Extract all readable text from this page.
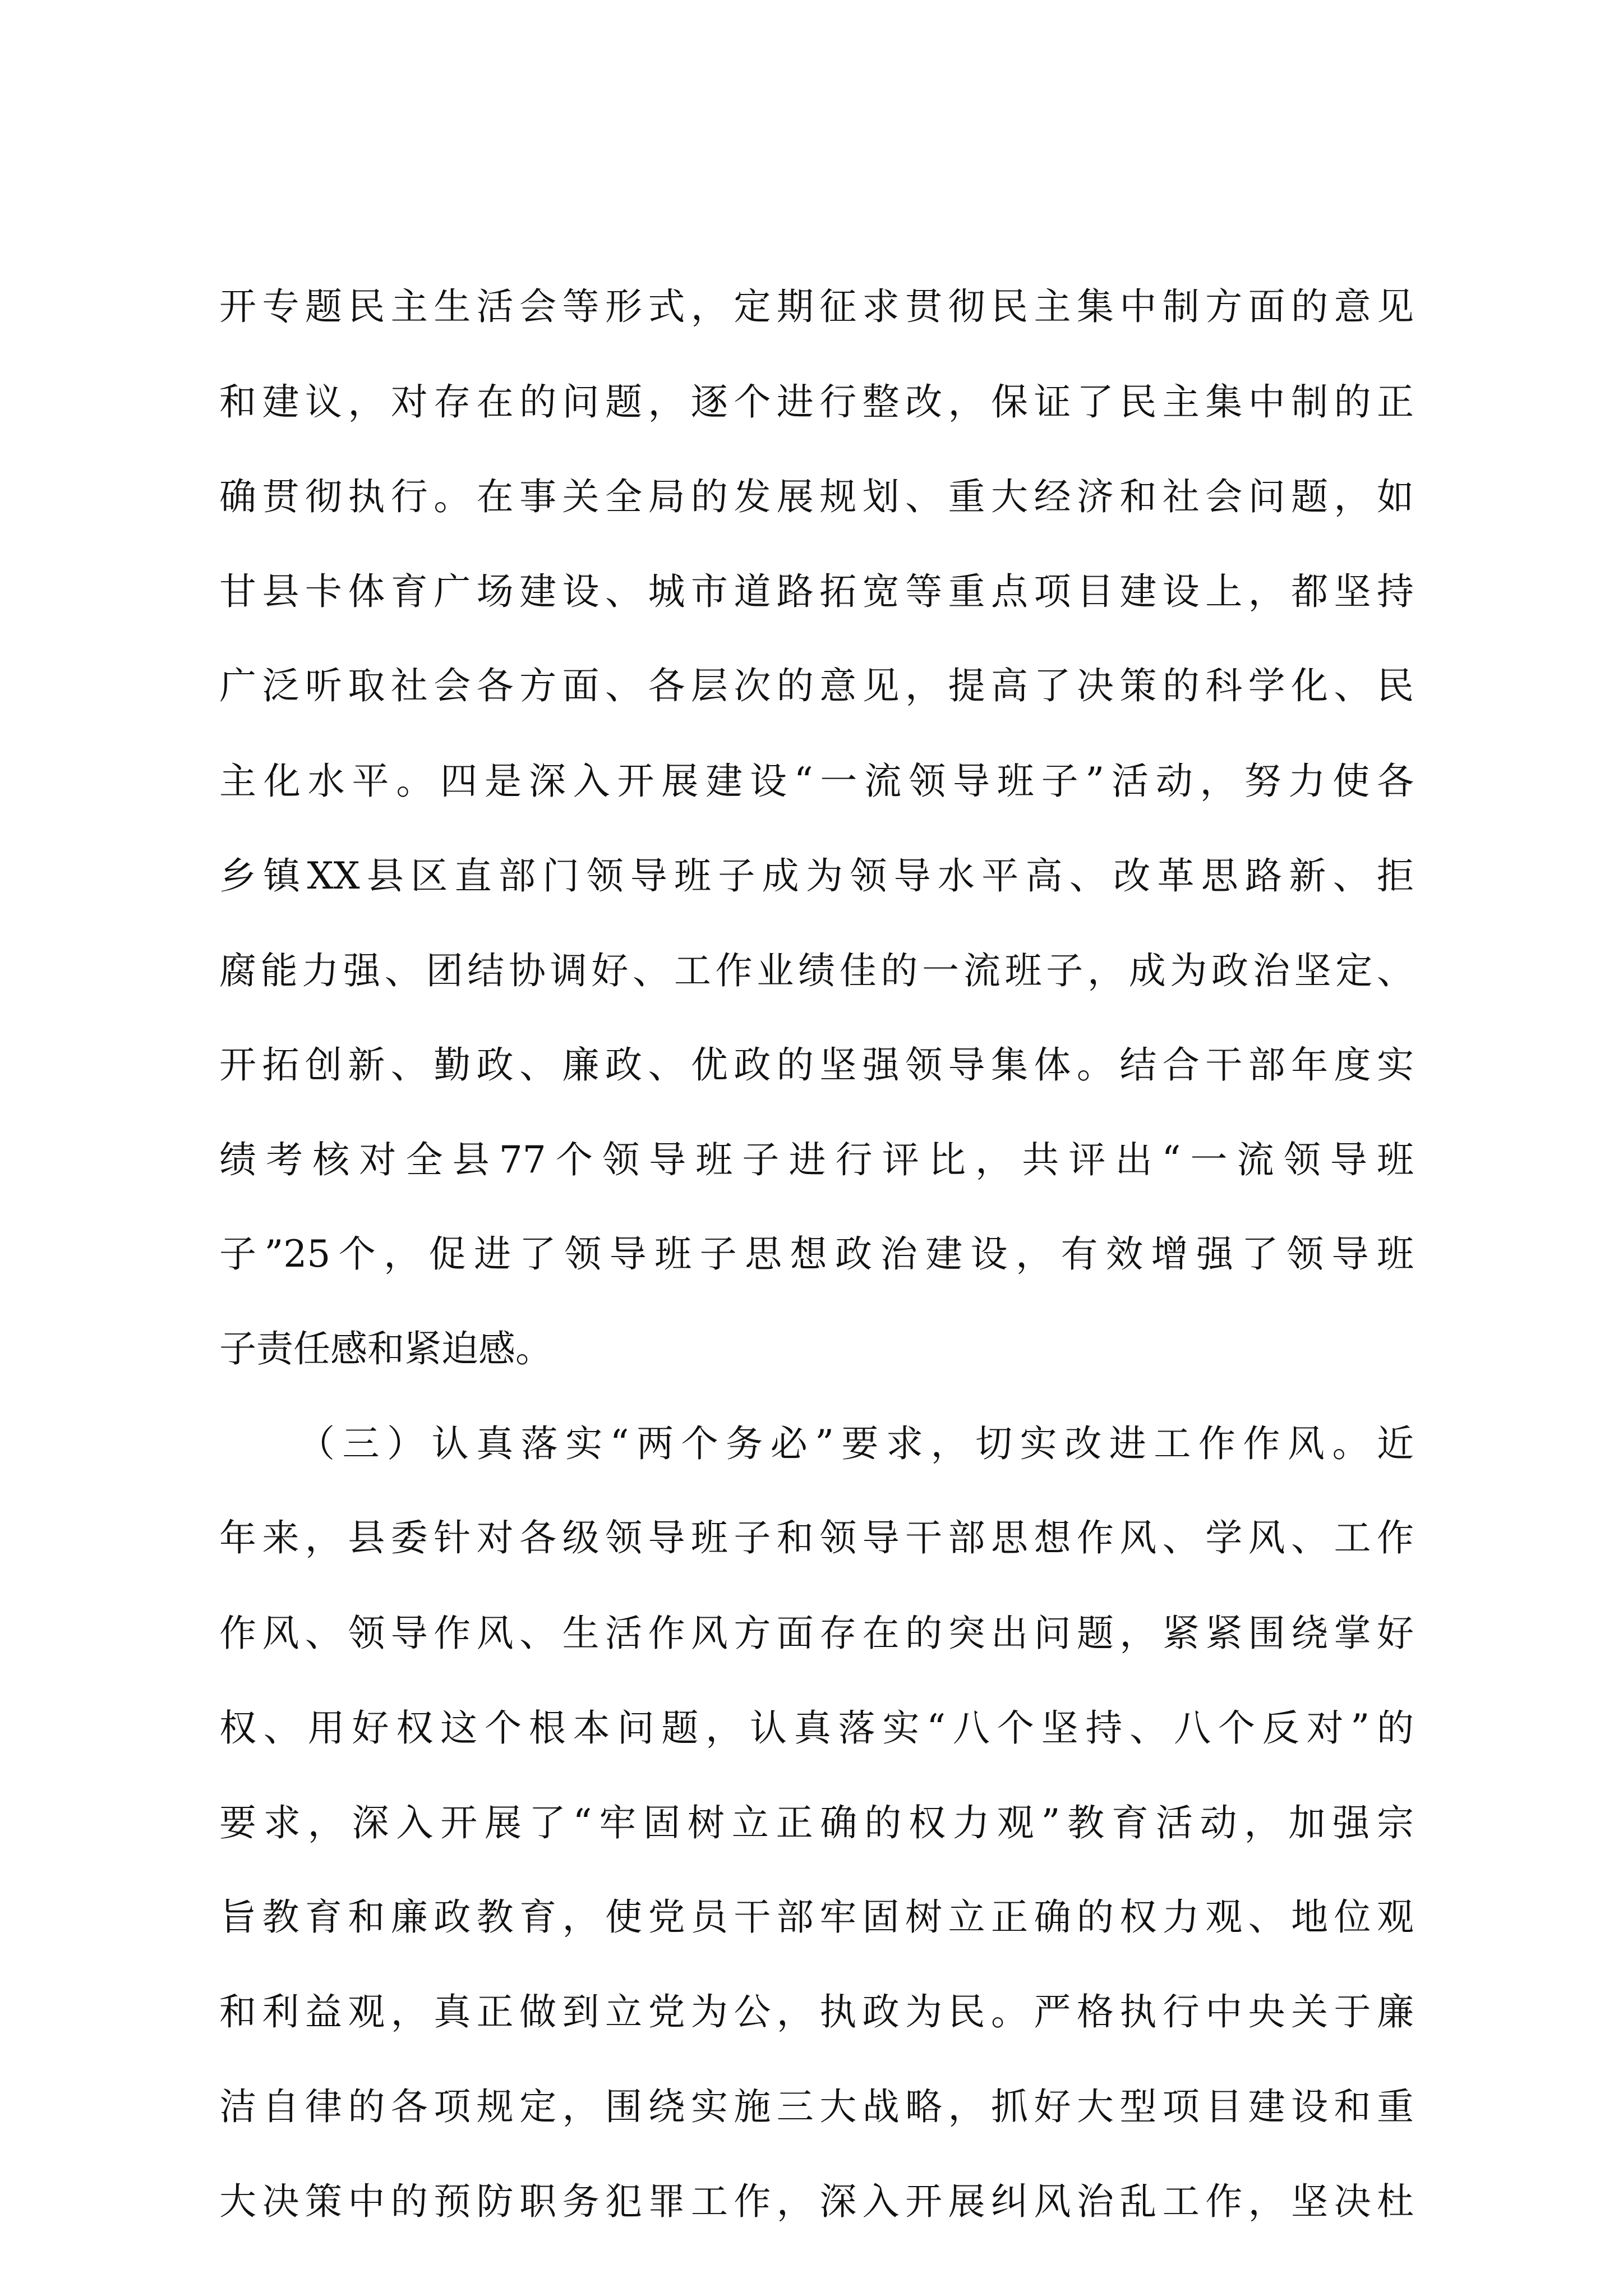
开专题民主生活会等形式，定期征求贯彻民主集中制方面的意见

和建议，对存在的问题，逐个进行整改，保证了民主集中制的正

确贯彻执行。在事关全局的发展规划、重大经济和社会问题，如

甘县卡体育广场建设、城市道路拓宽等重点项目建设上，都坚持

广泛听取社会各方面、各层次的意见，提高了决策的科学化、民

主化水平。四是深入开展建设“一流领导班子”活动，努力使各

乡镇XX县区直部门领导班子成为领导水平高、改革思路新、拒

腐能力强、团结协调好、工作业绩佳的一流班子，成为政治坚定、

开拓创新、勤政、廉政、优政的坚强领导集体。结合干部年度实

绩考核对全县77个领导班子进行评比，共评出“一流领导班

子”25个，促进了领导班子思想政治建设，有效增强了领导班

子责任感和紧迫感。

（三）认真落实“两个务必”要求，切实改进工作作风。近

年来，县委针对各级领导班子和领导干部思想作风、学风、工作

作风、领导作风、生活作风方面存在的突出问题，紧紧围绕掌好

权、用好权这个根本问题，认真落实“八个坚持、八个反对”的

要求，深入开展了“牢固树立正确的权力观”教育活动，加强宗

旨教育和廉政教育，使党员干部牢固树立正确的权力观、地位观

和利益观，真正做到立党为公，执政为民。严格执行中央关于廉

洁自律的各项规定，围绕实施三大战略，抓好大型项目建设和重

大决策中的预防职务犯罪工作，深入开展纠风治乱工作，坚决杜
